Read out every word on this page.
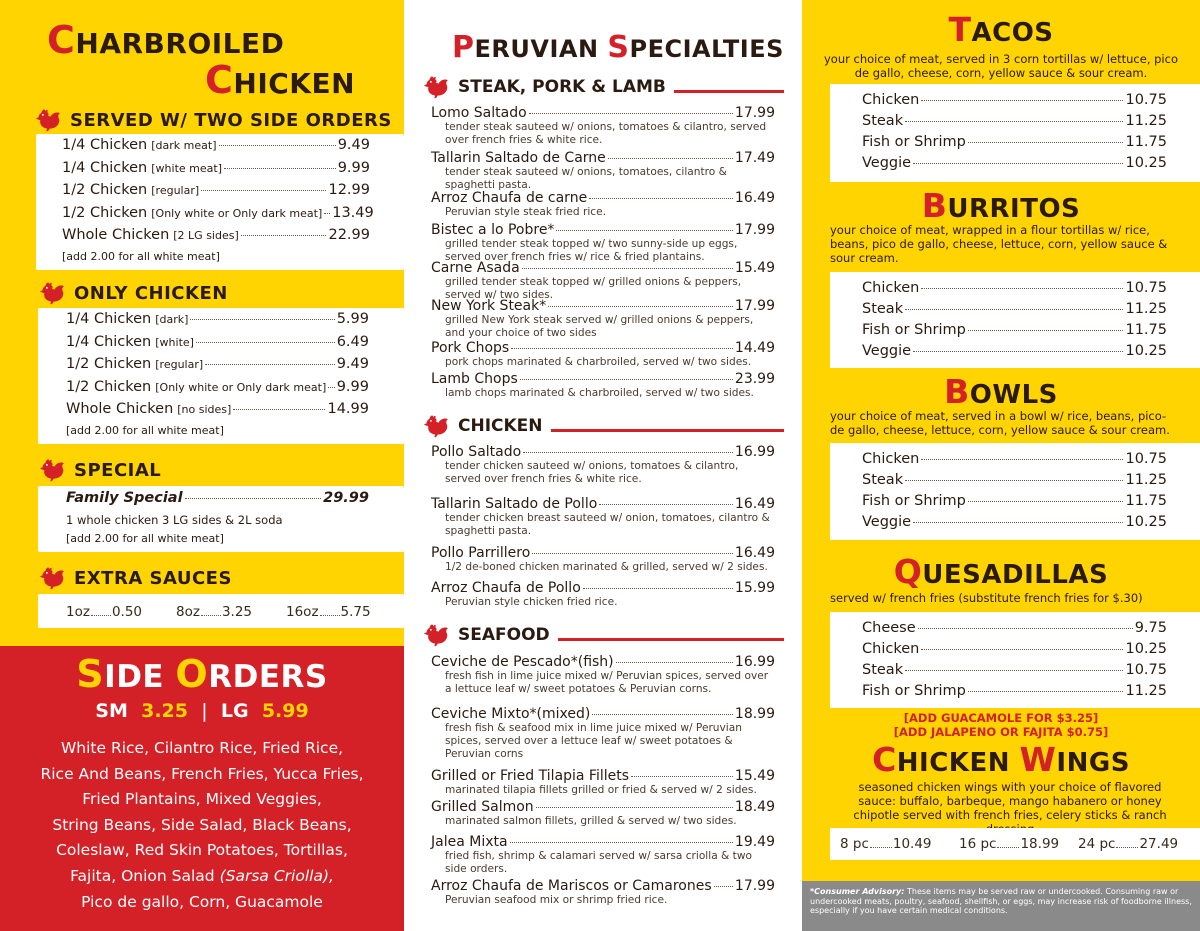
CHARBROILED
CHICKEN
SERVED W/ TWO SIDE ORDERS
1/4 Chicken [dark meat]	9.49
1/4 Chicken [white meat]	9.99
1/2 Chicken [regular]	12.99
1/2 Chicken [Only white or Only dark meat] 13.49
Whole Chicken [2 LG sides]	22.99
[add 2.00 for all white meat]
ONLY CHICKEN
1/4 Chicken [dark]	5.99
1/4 Chicken [white]	6.49
1/2 Chicken [regular]	9.49
1/2 Chicken [Only white or Only dark meat] 9.99
Whole Chicken [no sides]	14.99
[add 2.00 for all white meat]
SPECIAL
Family Special	29.99
1 whole chicken 3 LG sides & 2L soda
[add 2.00 for all white meat]
EXTRA SAUCES
1oz 0.50	8oz 3.25	16oz 5.75
SIDE ORDERS
SM 3.25 | LG 5.99
White Rice, Cilantro Rice, Fried Rice,
Rice And Beans, French Fries, Yucca Fries,
Fried Plantains, Mixed Veggies,
String Beans, Side Salad, Black Beans,
Coleslaw, Red Skin Potatoes, Tortillas,
Fajita, Onion Salad (Sarsa Criolla),
Pico de gallo, Corn, Guacamole
PERUVIAN SPECIALTIES
STEAK, PORK & LAMB
Lomo Saltado	17.99
tender steak sauteed w/ onions, tomatoes & cilantro, served over french fries & white rice.
Tallarin Saltado de Carne	17.49
tender steak sauteed w/ onions, tomatoes, cilantro & spaghetti pasta.
Arroz Chaufa de carne	16.49
Peruvian style steak fried rice.
Bistec a lo Pobre*	17.99
grilled tender steak topped w/ two sunny-side up eggs, served over french fries w/ rice & fried plantains.
Carne Asada	15.49
grilled tender steak topped w/ grilled onions & peppers, served w/ two sides.
New York Steak*	17.99
grilled New York steak served w/ grilled onions & peppers, and your choice of two sides
Pork Chops	14.49
pork chops marinated & charbroiled, served w/ two sides.
Lamb Chops	23.99
lamb chops marinated & charbroiled, served w/ two sides.
CHICKEN
Pollo Saltado	16.99
tender chicken sauteed w/ onions, tomatoes & cilantro, served over french fries & white rice.
Tallarin Saltado de Pollo	16.49
tender chicken breast sauteed w/ onion, tomatoes, cilantro & spaghetti pasta.
Pollo Parrillero	16.49
1/2 de-boned chicken marinated & grilled, served w/ 2 sides.
Arroz Chaufa de Pollo	15.99
Peruvian style chicken fried rice.
SEAFOOD
Ceviche de Pescado*(fish)	16.99
fresh fish in lime juice mixed w/ Peruvian spices, served over a lettuce leaf w/ sweet potatoes & Peruvian corns.
Ceviche Mixto*(mixed)	18.99
fresh fish & seafood mix in lime juice mixed w/ Peruvian spices, served over a lettuce leaf w/ sweet potatoes & Peruvian corns
Grilled or Fried Tilapia Fillets	15.49
marinated tilapia fillets grilled or fried & served w/ 2 sides.
Grilled Salmon	18.49
marinated salmon fillets, grilled & served w/ two sides.
Jalea Mixta	19.49
fried fish, shrimp & calamari served w/ sarsa criolla & two side orders.
Arroz Chaufa de Mariscos or Camarones 17.99
Peruvian seafood mix or shrimp fried rice.
TACOS
your choice of meat, served in 3 corn tortillas w/ lettuce, pico de gallo, cheese, corn, yellow sauce & sour cream.
Chicken	10.75
Steak	11.25
Fish or Shrimp	11.75
Veggie	10.25
BURRITOS
your choice of meat, wrapped in a flour tortillas w/ rice, beans, pico de gallo, cheese, lettuce, corn, yellow sauce & sour cream.
Chicken	10.75
Steak	11.25
Fish or Shrimp	11.75
Veggie	10.25
BOWLS
your choice of meat, served in a bowl w/ rice, beans, pico-de gallo, cheese, lettuce, corn, yellow sauce & sour cream.
Chicken	10.75
Steak	11.25
Fish or Shrimp	11.75
Veggie	10.25
QUESADILLAS
served w/ french fries (substitute french fries for $.30)
Cheese	9.75
Chicken	10.25
Steak	10.75
Fish or Shrimp	11.25
[ADD GUACAMOLE FOR $3.25]
[ADD JALAPENO OR FAJITA $0.75]
CHICKEN WINGS
seasoned chicken wings with your choice of flavored sauce: buffalo, barbeque, mango habanero or honey chipotle served with french fries, celery sticks & ranch
8 pc 10.49 16 pc 18.99 24 pc 27.49
*Consumer Advisory: These items may be served raw or undercooked. Consuming raw or undercooked meats, poultry, seafood, shellfish, or eggs, may increase risk of foodborne illness, especially if you have certain medical conditions.
